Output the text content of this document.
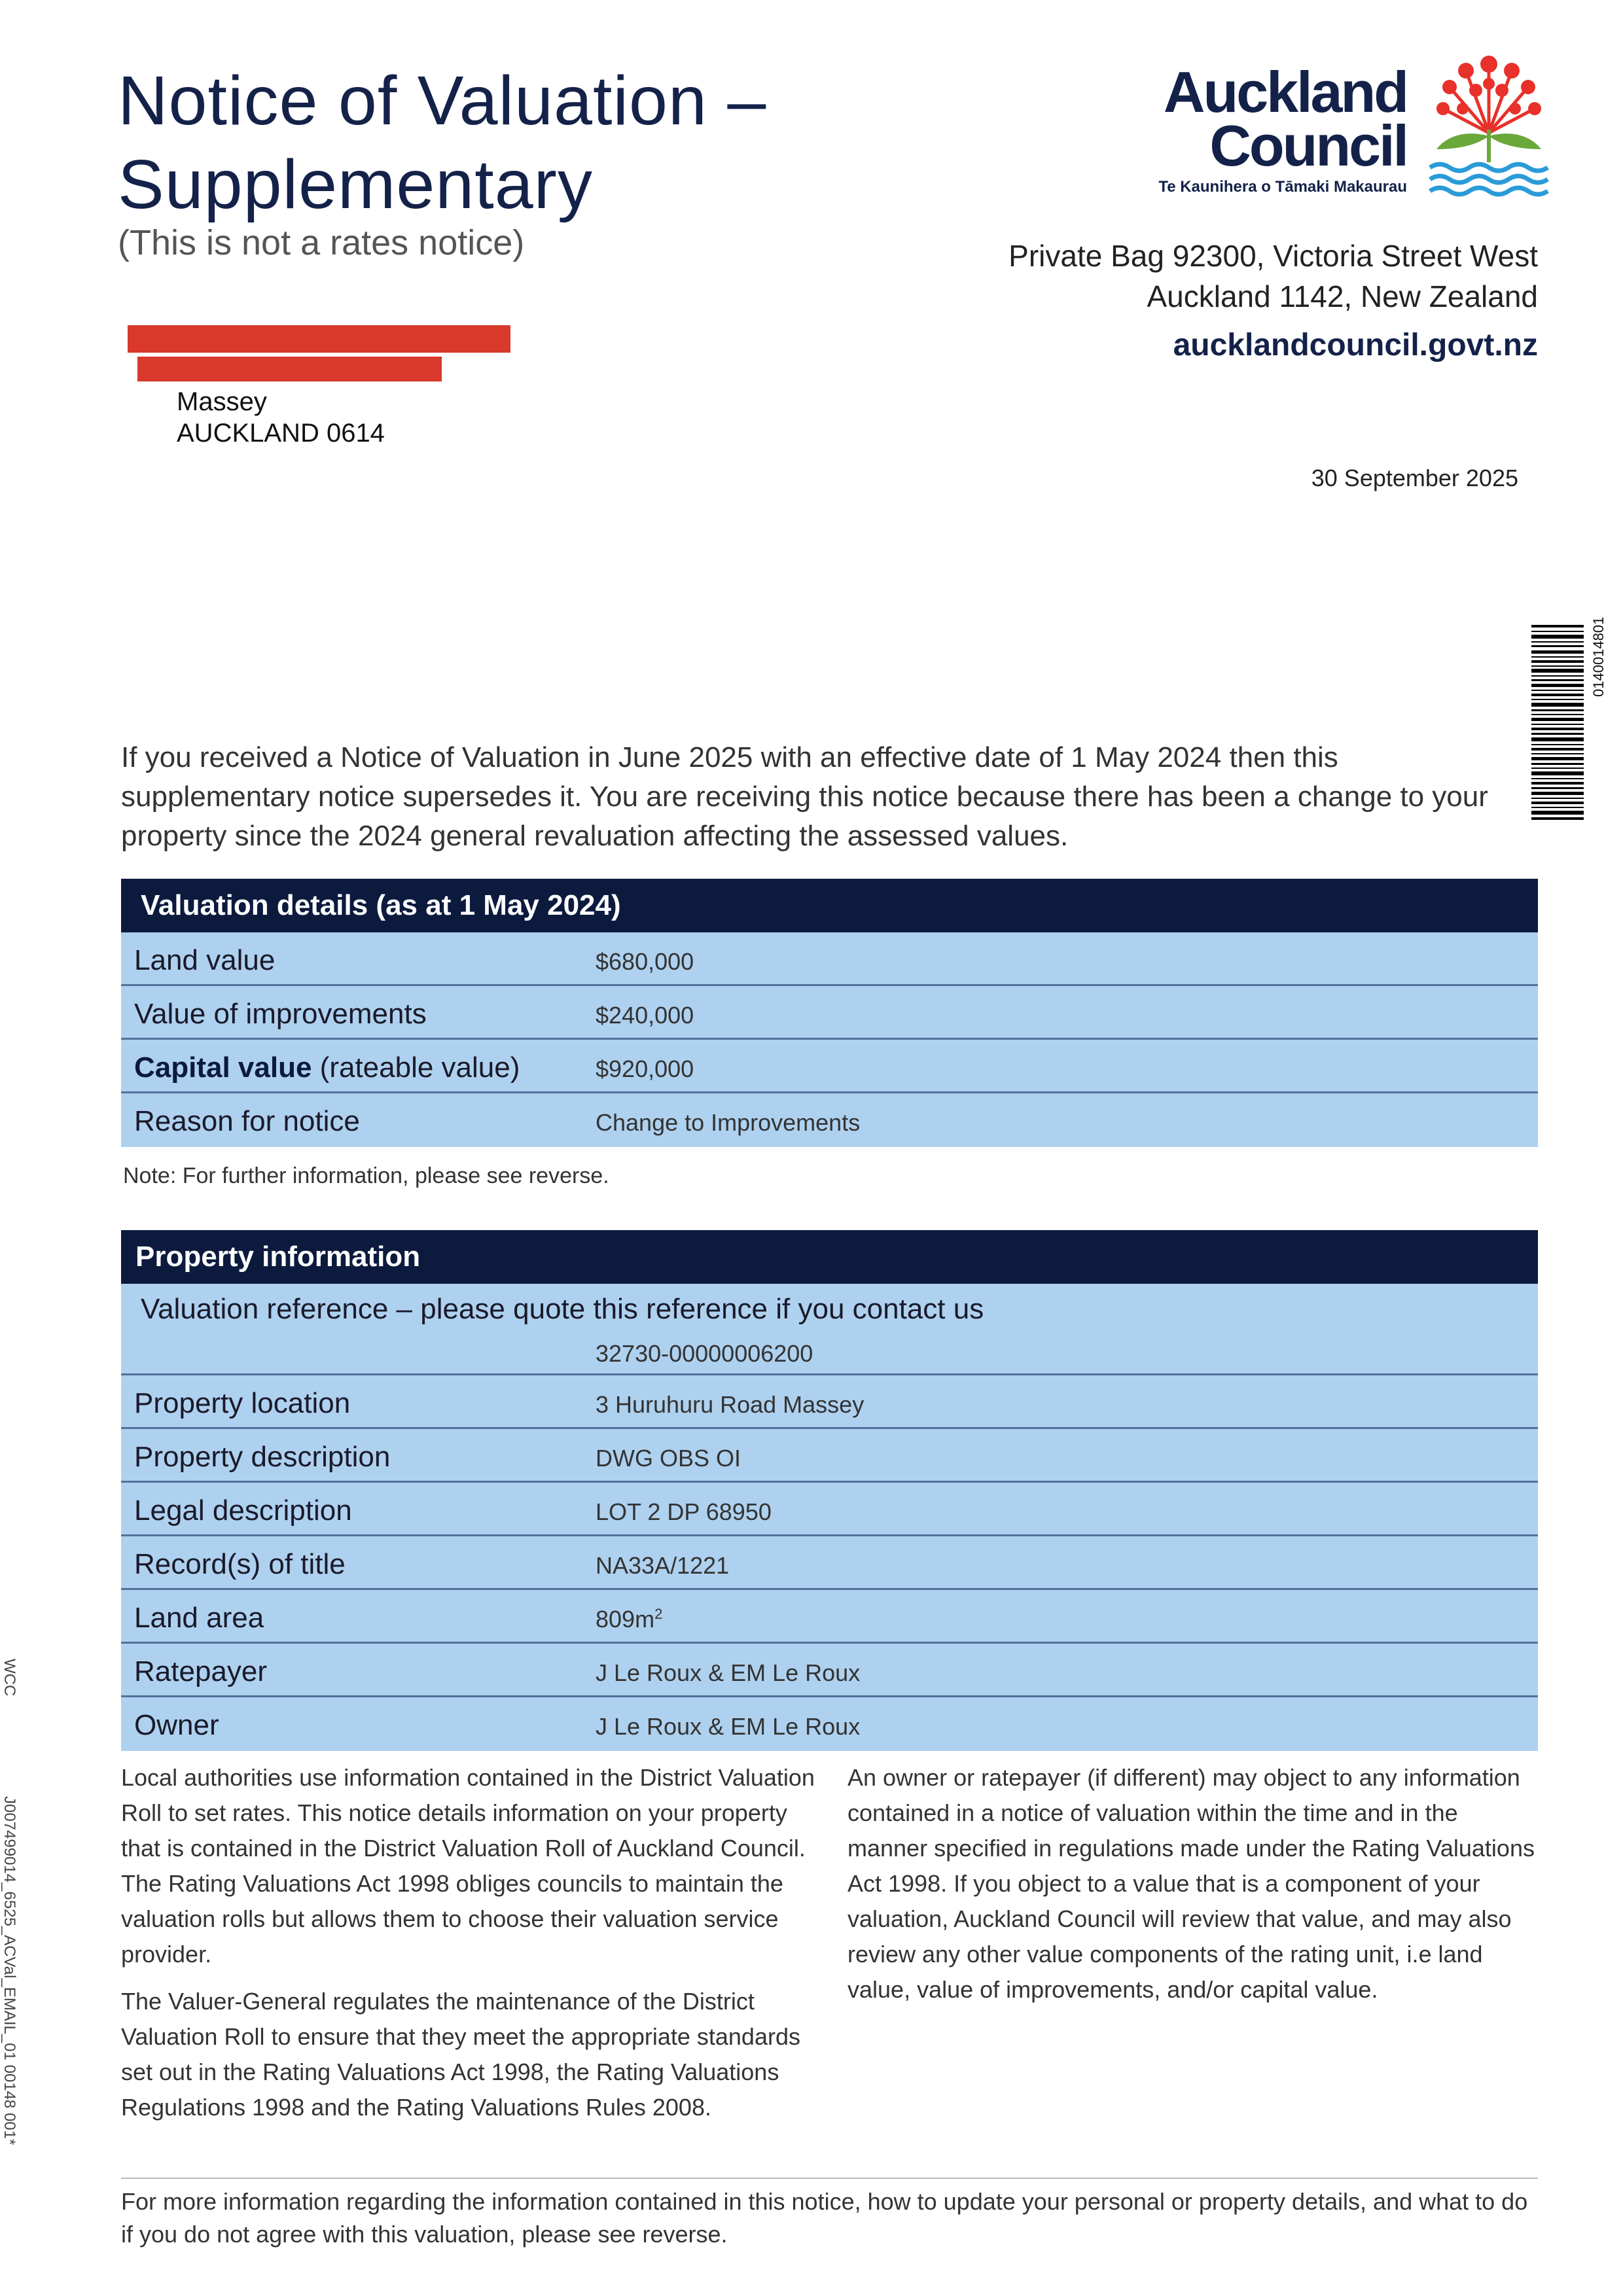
Notice of Valuation –
Supplementary
(This is not a rates notice)
Auckland
Council
Te Kaunihera o Tāmaki Makaurau
Private Bag 92300, Victoria Street West
Auckland 1142, New Zealand
aucklandcouncil.govt.nz
30 September 2025
Massey
AUCKLAND 0614
0140014801
If you received a Notice of Valuation in June 2025 with an effective date of 1 May 2024 then this supplementary notice supersedes it. You are receiving this notice because there has been a change to your property since the 2024 general revaluation affecting the assessed values.
Valuation details (as at 1 May 2024)
Land value	$680,000
Value of improvements	$240,000
Capital value (rateable value)	$920,000
Reason for notice	Change to Improvements
Note: For further information, please see reverse.
Property information
Valuation reference – please quote this reference if you contact us
32730-00000006200
Property location	3 Huruhuru Road Massey
Property description	DWG OBS OI
Legal description	LOT 2 DP 68950
Record(s) of title	NA33A/1221
Land area	$809m^2$
Ratepayer	J Le Roux & EM Le Roux
Owner	J Le Roux & EM Le Roux

Local authorities use information contained in the District Valuation Roll to set rates. This notice details information on your property that is contained in the District Valuation Roll of Auckland Council. The Rating Valuations Act 1998 obliges councils to maintain the valuation rolls but allows them to choose their valuation service provider.

The Valuer-General regulates the maintenance of the District Valuation Roll to ensure that they meet the appropriate standards set out in the Rating Valuations Act 1998, the Rating Valuations Regulations 1998 and the Rating Valuations Rules 2008.

An owner or ratepayer (if different) may object to any information contained in a notice of valuation within the time and in the manner specified in regulations made under the Rating Valuations Act 1998. If you object to a value that is a component of your valuation, Auckland Council will review that value, and may also review any other value components of the rating unit, i.e land value, value of improvements, and/or capital value.

For more information regarding the information contained in this notice, how to update your personal or property details, and what to do if you do not agree with this valuation, please see reverse.
WCC
J007499014_6525_ACVal_EMAIL_01 00148 001*
